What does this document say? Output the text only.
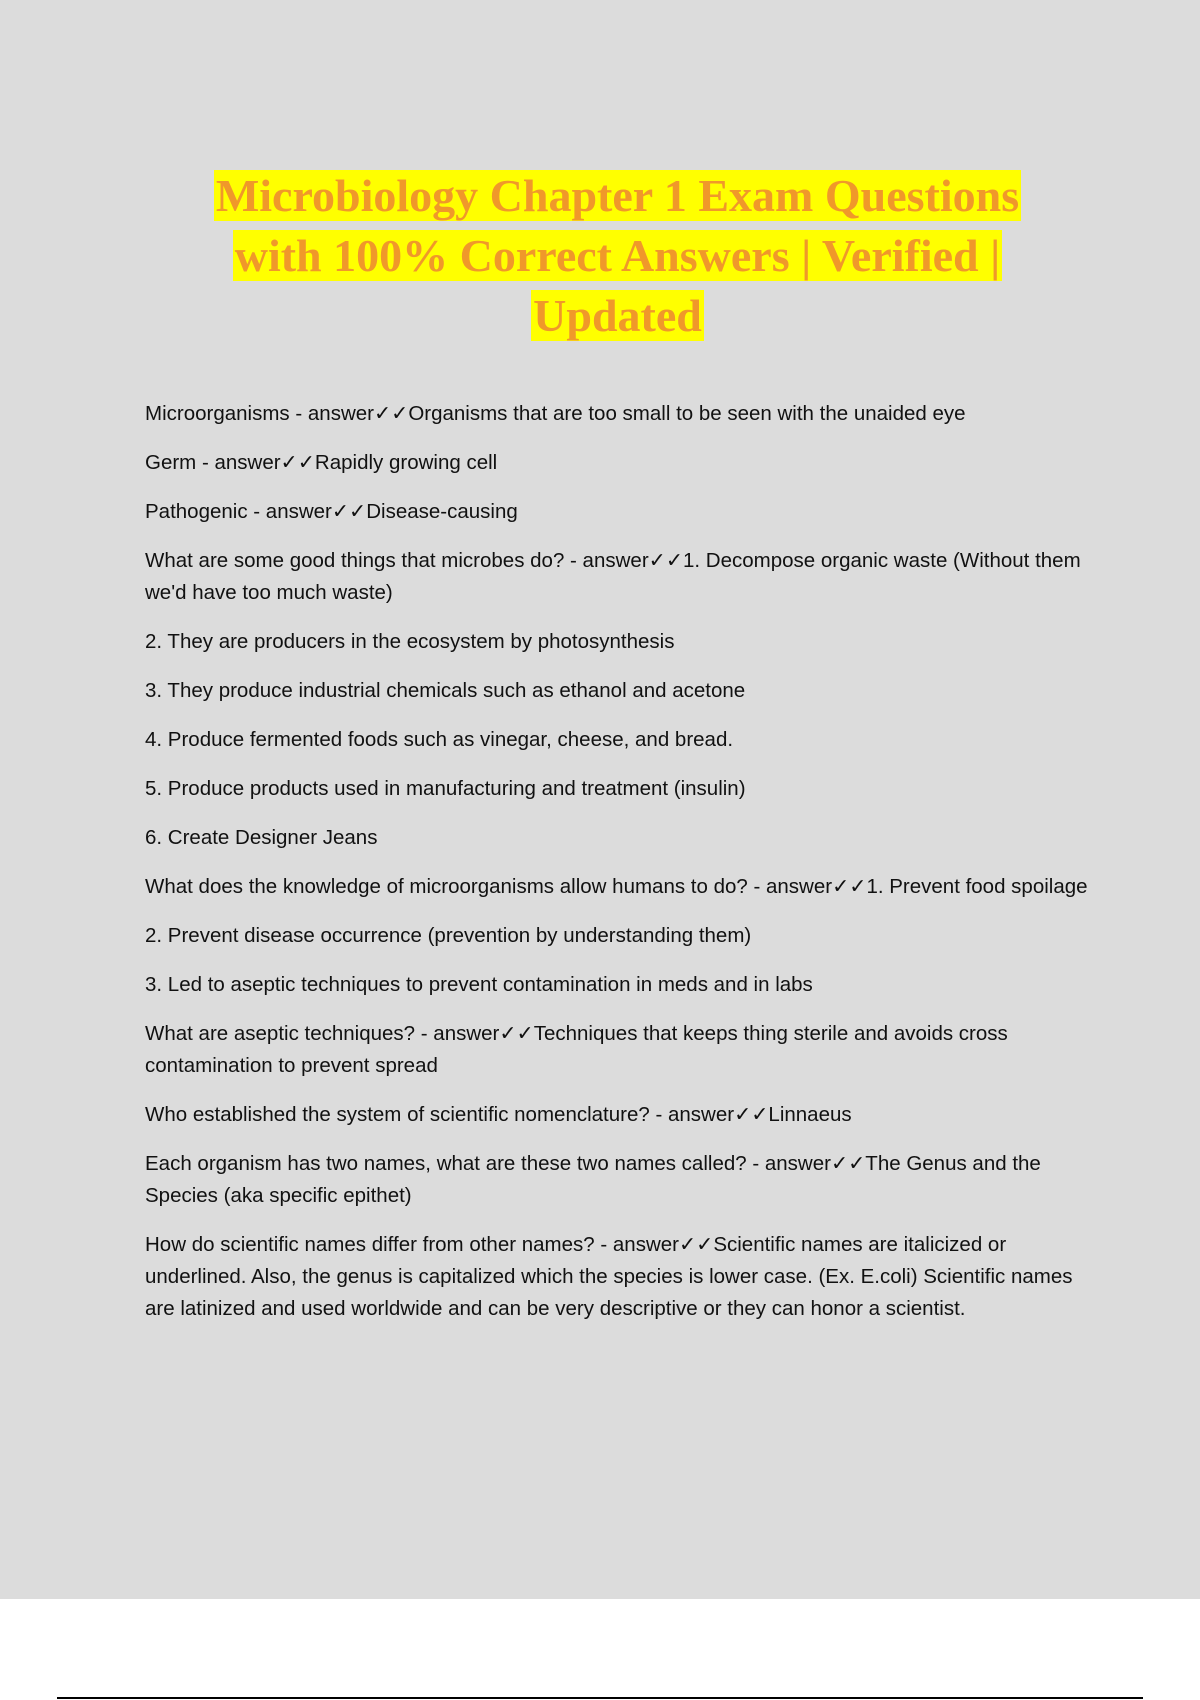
Microbiology Chapter 1 Exam Questions
with 100% Correct Answers | Verified |
Updated

Microorganisms - answer✓✓Organisms that are too small to be seen with the unaided eye

Germ - answer✓✓Rapidly growing cell

Pathogenic - answer✓✓Disease-causing

What are some good things that microbes do? - answer✓✓1. Decompose organic waste (Without them we'd have too much waste)

2. They are producers in the ecosystem by photosynthesis

3. They produce industrial chemicals such as ethanol and acetone

4. Produce fermented foods such as vinegar, cheese, and bread.

5. Produce products used in manufacturing and treatment (insulin)

6. Create Designer Jeans

What does the knowledge of microorganisms allow humans to do? - answer✓✓1. Prevent food spoilage

2. Prevent disease occurrence (prevention by understanding them)

3. Led to aseptic techniques to prevent contamination in meds and in labs

What are aseptic techniques? - answer✓✓Techniques that keeps thing sterile and avoids cross contamination to prevent spread

Who established the system of scientific nomenclature? - answer✓✓Linnaeus

Each organism has two names, what are these two names called? - answer✓✓The Genus and the Species (aka specific epithet)

How do scientific names differ from other names? - answer✓✓Scientific names are italicized or underlined. Also, the genus is capitalized which the species is lower case. (Ex. E.coli) Scientific names are latinized and used worldwide and can be very descriptive or they can honor a scientist.
